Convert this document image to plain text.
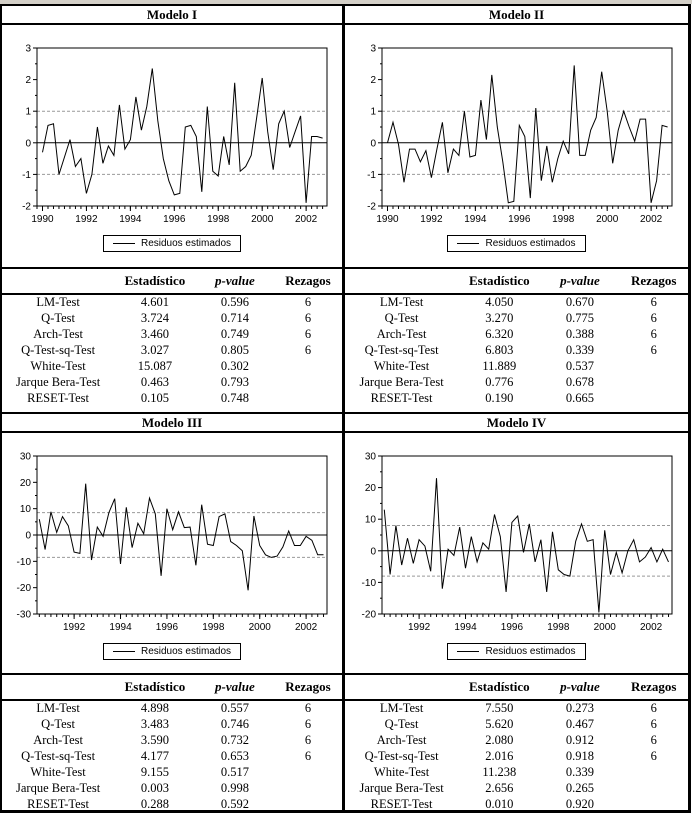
Modelo I	Modelo II
3
2
1
0
-1
-2
1990 1992 1994 1996 1998 2000 2002
Residuos estimados
3
2
1
0
-1
-2
1990 1992 1994 1996 1998 2000 2002
Residuos estimados
	Estadístico	p-value	Rezagos
LM-Test	4.601	0.596	6
Q-Test	3.724	0.714	6
Arch-Test	3.460	0.749	6
Q-Test-sq-Test	3.027	0.805	6
White-Test	15.087	0.302	
Jarque Bera-Test	0.463	0.793	
RESET-Test	0.105	0.748	
	Estadístico	p-value	Rezagos
LM-Test	4.050	0.670	6
Q-Test	3.270	0.775	6
Arch-Test	6.320	0.388	6
Q-Test-sq-Test	6.803	0.339	6
White-Test	11.889	0.537	
Jarque Bera-Test	0.776	0.678	
RESET-Test	0.190	0.665	
Modelo III	Modelo IV
30
20
10
0
-10
-20
-30
1992 1994 1996 1998 2000 2002
Residuos estimados
30
20
10
0
-10
-20
1992 1994 1996 1998 2000 2002
Residuos estimados
	Estadístico	p-value	Rezagos
LM-Test	4.898	0.557	6
Q-Test	3.483	0.746	6
Arch-Test	3.590	0.732	6
Q-Test-sq-Test	4.177	0.653	6
White-Test	9.155	0.517	
Jarque Bera-Test	0.003	0.998	
RESET-Test	0.288	0.592	
	Estadístico	p-value	Rezagos
LM-Test	7.550	0.273	6
Q-Test	5.620	0.467	6
Arch-Test	2.080	0.912	6
Q-Test-sq-Test	2.016	0.918	6
White-Test	11.238	0.339	
Jarque Bera-Test	2.656	0.265	
RESET-Test	0.010	0.920	
